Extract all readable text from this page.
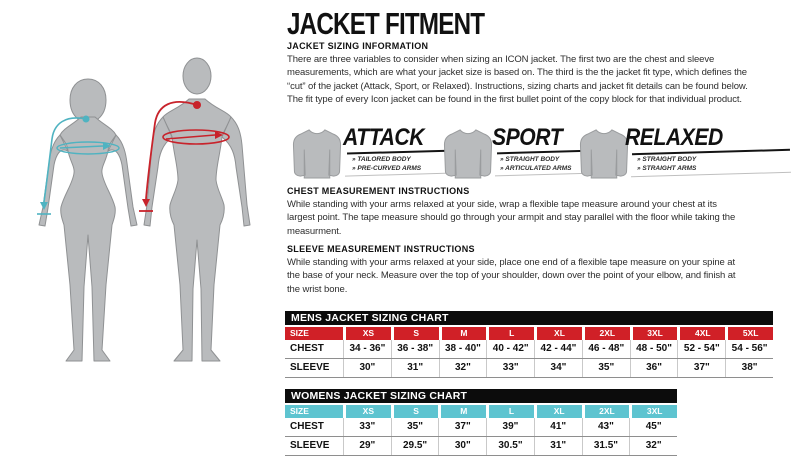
JACKET FITMENT
JACKET SIZING INFORMATION
There are three variables to consider when sizing an ICON jacket. The first two are the chest and sleeve measurements, which are what your jacket size is based on. The third is the the jacket fit type, which defines the “cut” of the jacket (Attack, Sport, or Relaxed). Instructions, sizing charts and jacket fit details can be found below. The fit type of every Icon jacket can be found in the first bullet point of the copy block for that individual product.
ATTACK
» TAILORED BODY
» PRE-CURVED ARMS
SPORT
» STRAIGHT BODY
» ARTICULATED ARMS
RELAXED
» STRAIGHT BODY
» STRAIGHT ARMS
CHEST MEASUREMENT INSTRUCTIONS
While standing with your arms relaxed at your side, wrap a flexible tape measure around your chest at its largest point. The tape measure should go through your armpit and stay parallel with the floor while taking the measurment.
SLEEVE MEASUREMENT INSTRUCTIONS
While standing with your arms relaxed at your side, place one end of a flexible tape measure on your spine at the base of your neck. Measure over the top of your shoulder, down over the point of your elbow, and finish at the wrist bone.
MENS JACKET SIZING CHART
SIZE	XS	S	M	L	XL	2XL	3XL	4XL	5XL
CHEST	34 - 36"	36 - 38"	38 - 40"	40 - 42"	42 - 44"	46 - 48"	48 - 50"	52 - 54"	54 - 56"
SLEEVE	30"	31"	32"	33"	34"	35"	36"	37"	38"
WOMENS JACKET SIZING CHART
SIZE	XS	S	M	L	XL	2XL	3XL
CHEST	33"	35"	37"	39"	41"	43"	45"
SLEEVE	29"	29.5"	30"	30.5"	31"	31.5"	32"
